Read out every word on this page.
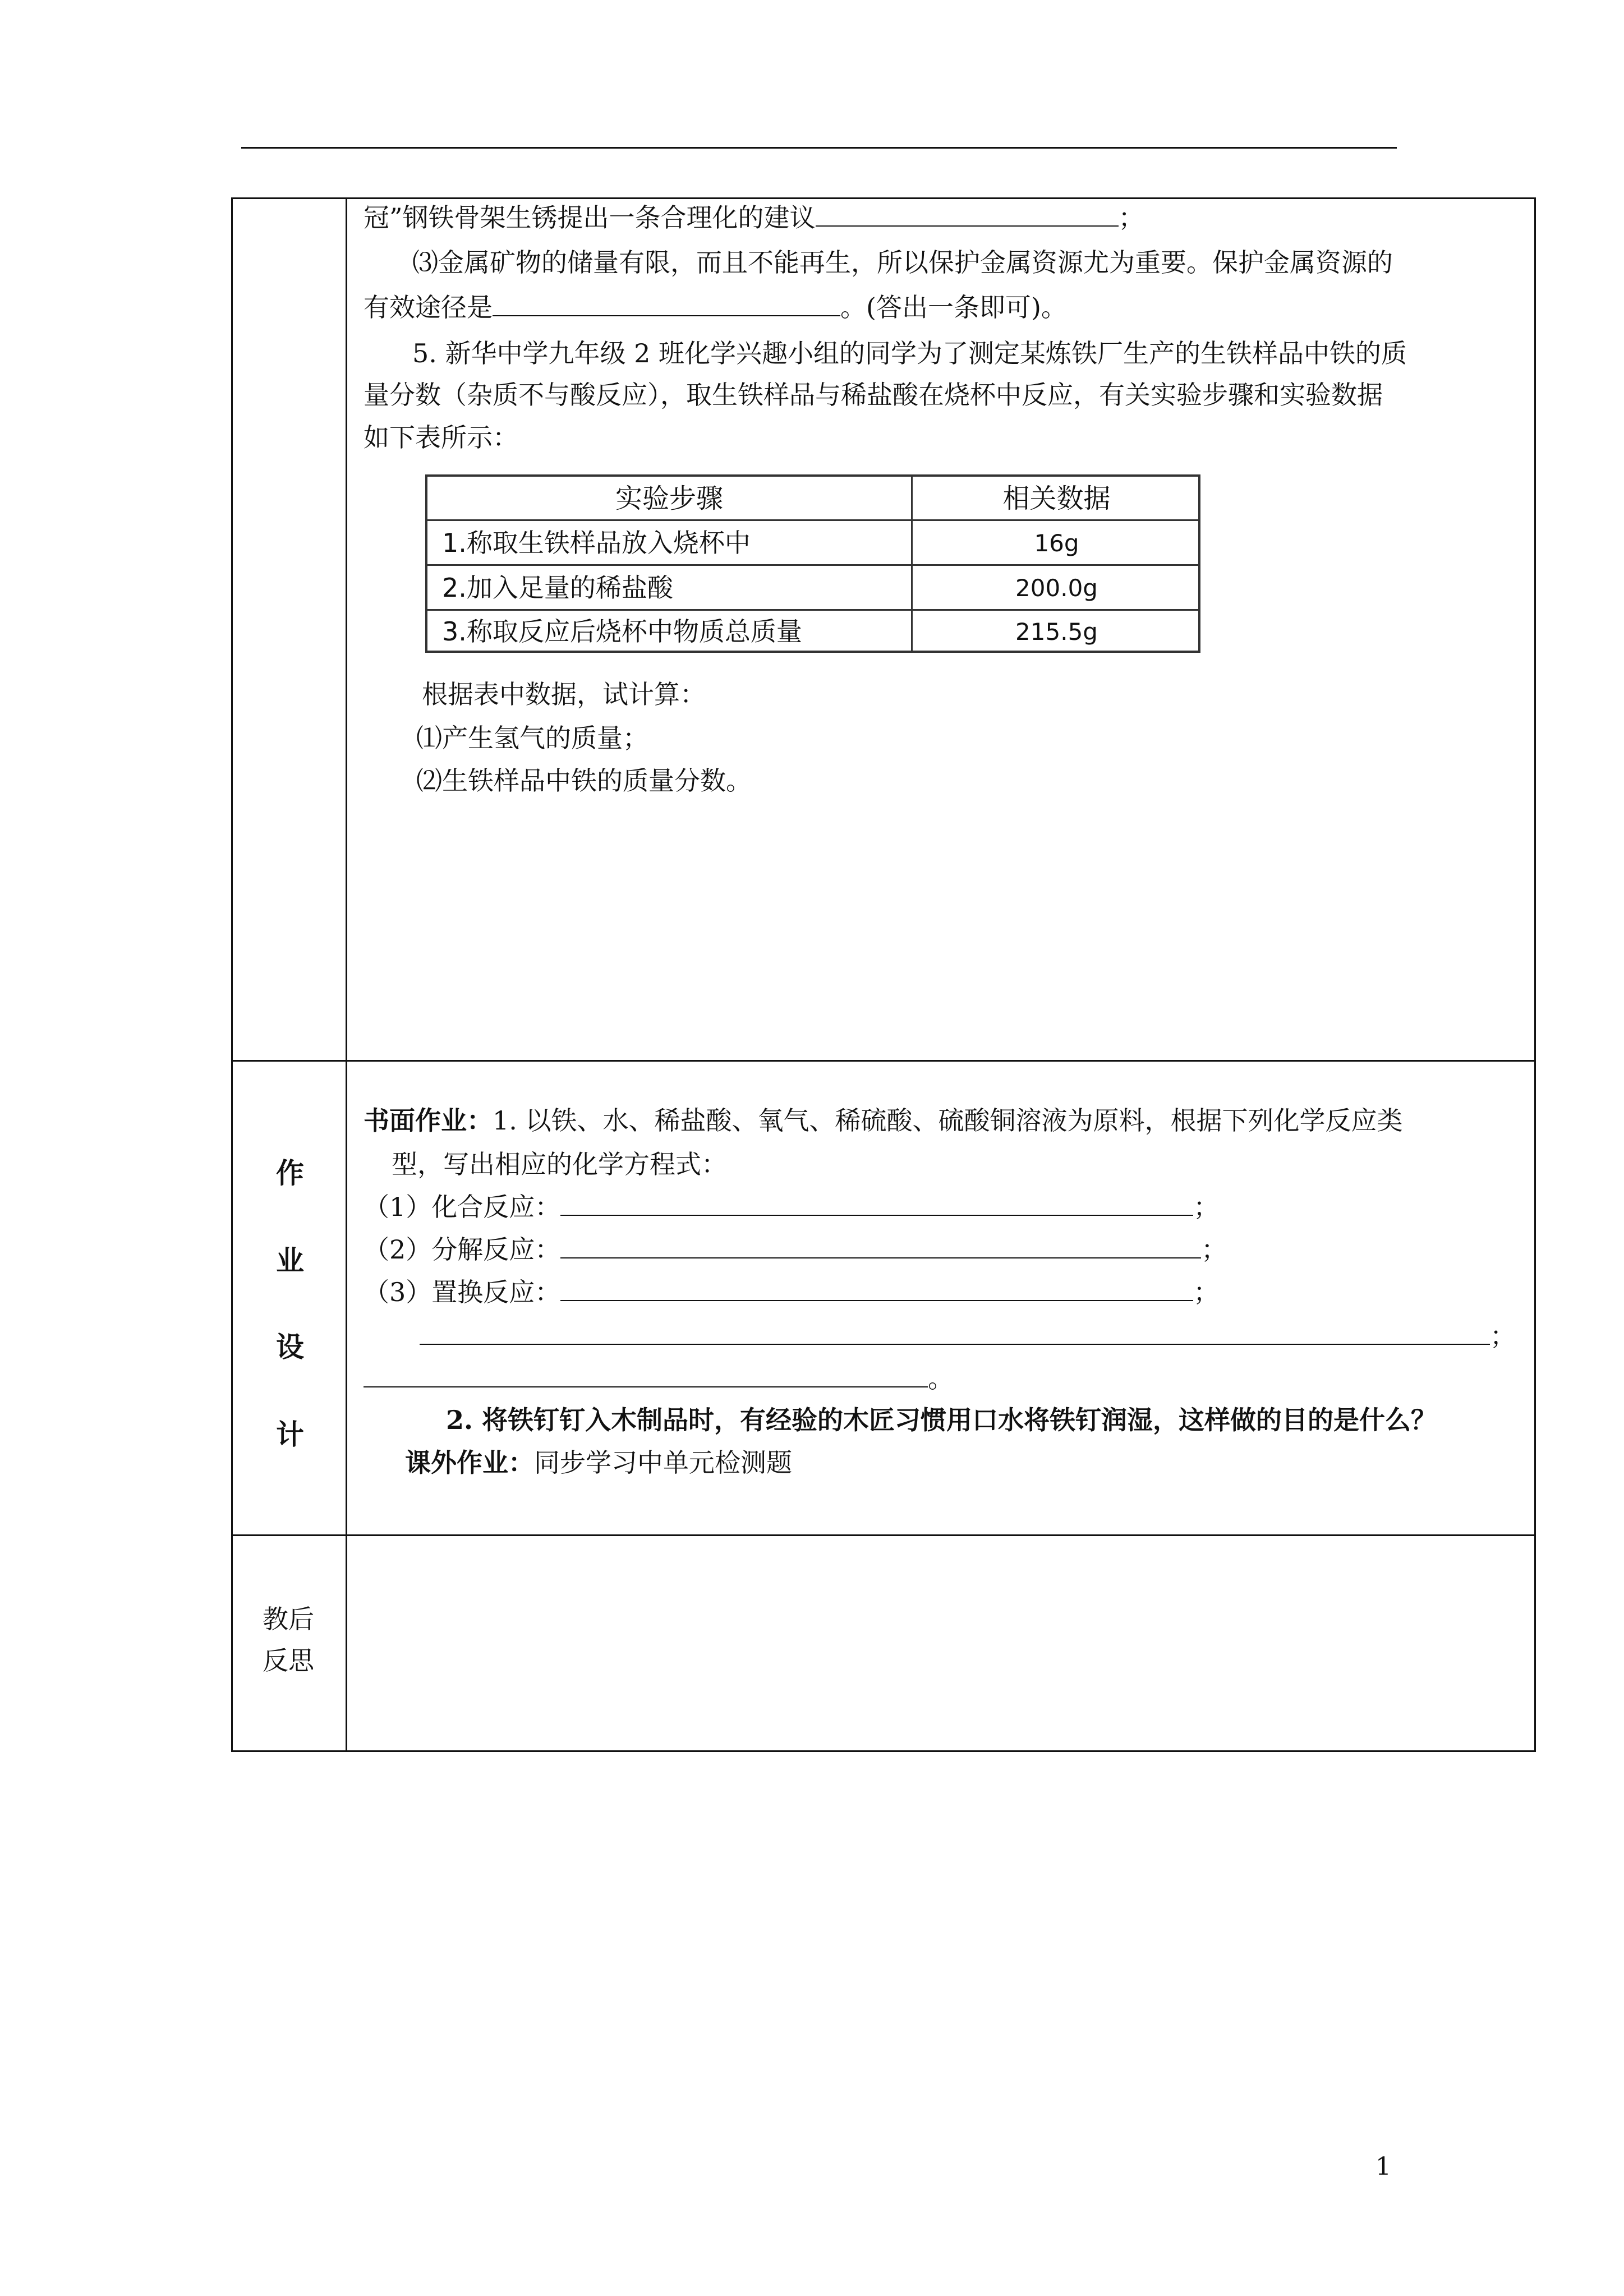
冠”钢铁骨架生锈提出一条合理化的建议	；
⑶金属矿物的储量有限，而且不能再生，所以保护金属资源尤为重要。保护金属资源的
有效途径是	。(答出一条即可)。
5. 新华中学九年级 2 班化学兴趣小组的同学为了测定某炼铁厂生产的生铁样品中铁的质
量分数（杂质不与酸反应），取生铁样品与稀盐酸在烧杯中反应，有关实验步骤和实验数据
如下表所示：
实验步骤	相关数据
1.称取生铁样品放入烧杯中	16g
2.加入足量的稀盐酸	200.0g
3.称取反应后烧杯中物质总质量	215.5g
根据表中数据，试计算：
⑴产生氢气的质量；
⑵生铁样品中铁的质量分数。
作
业
设
计
书面作业：1. 以铁、水、稀盐酸、氧气、稀硫酸、硫酸铜溶液为原料，根据下列化学反应类
型，写出相应的化学方程式：
（1）化合反应：	；
（2）分解反应：	；
（3）置换反应：	；
；
。
2. 将铁钉钉入木制品时，有经验的木匠习惯用口水将铁钉润湿，这样做的目的是什么？
课外作业：同步学习中单元检测题
教后
反思
1
